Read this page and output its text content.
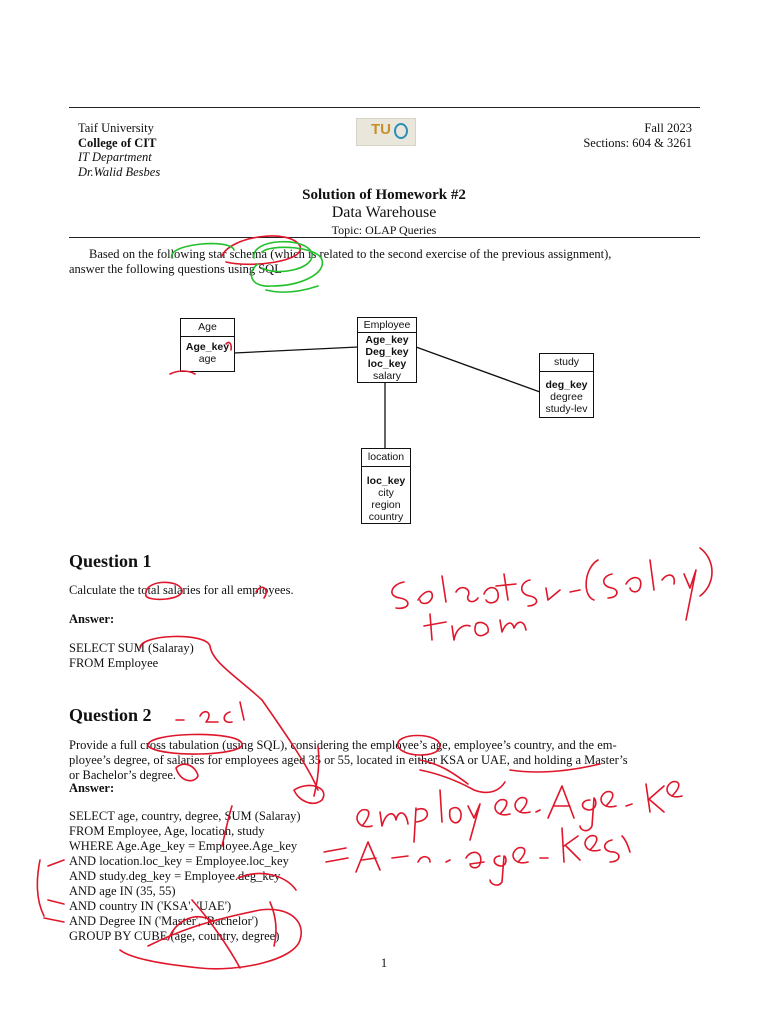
Taif University
College of CIT
IT Department
Dr.Walid Besbes
TU	Fall 2023
Sections: 604 & 3261
Solution of Homework #2
Data Warehouse
Topic: OLAP Queries
Based on the following star schema (which is related to the second exercise of the previous assignment),
answer the following questions using SQL
Age
Age_key
age
Employee
Age_key
Deg_key
loc_key
salary
study
deg_key
degree
study-lev
location
loc_key
city
region
country
Question 1
Calculate the total salaries for all employees.
Answer:
SELECT SUM (Salaray)
FROM Employee
Question 2
Provide a full cross tabulation (using SQL), considering the employee’s age, employee’s country, and the em-
ployee’s degree, of salaries for employees aged 35 or 55, located in either KSA or UAE, and holding a Master’s
or Bachelor’s degree.
Answer:
SELECT age, country, degree, SUM (Salaray)
FROM Employee, Age, location, study
WHERE Age.Age_key = Employee.Age_key
AND location.loc_key = Employee.loc_key
AND study.deg_key = Employee.deg_key
AND age IN (35, 55)
AND country IN ('KSA', 'UAE')
AND Degree IN ('Master', 'Bachelor')
GROUP BY CUBE (age, country, degree)
1
